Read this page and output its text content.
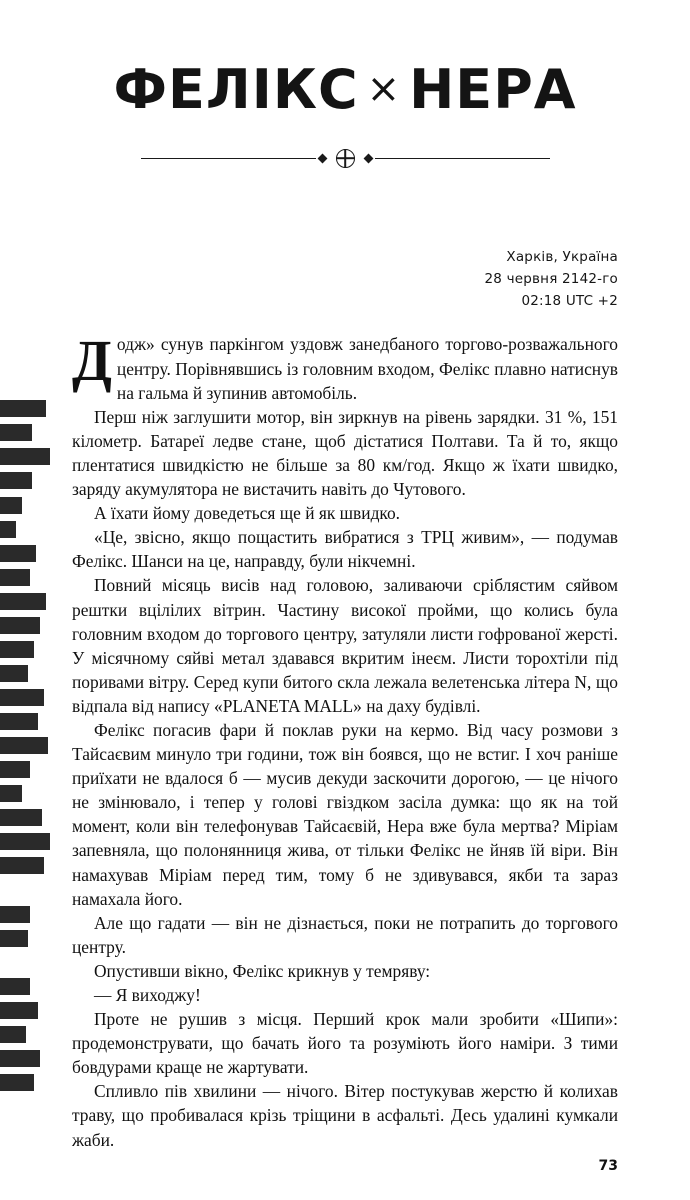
ФЕЛІКС × НЕРА
Харків, Україна
28 червня 2142-го
02:18 UTC +2

Додж» сунув паркінгом уздовж занедбаного торгово-розважального центру. Порівнявшись із головним входом, Фелікс плавно натиснув на гальма й зупинив автомобіль.

Перш ніж заглушити мотор, він зиркнув на рівень зарядки. 31 %, 151 кілометр. Батареї ледве стане, щоб дістатися Полтави. Та й то, якщо плентатися швидкістю не більше за 80 км/год. Якщо ж їхати швидко, заряду акумулятора не вистачить навіть до Чутового.

А їхати йому доведеться ще й як швидко.

«Це, звісно, якщо пощастить вибратися з ТРЦ живим», — подумав Фелікс. Шанси на це, направду, були нікчемні.

Повний місяць висів над головою, заливаючи сріблястим сяйвом рештки вцілілих вітрин. Частину високої пройми, що колись була головним входом до торгового центру, затуляли листи гофрованої жерсті. У місячному сяйві метал здавався вкритим інеєм. Листи торохтіли під поривами вітру. Серед купи битого скла лежала велетенська літера N, що відпала від напису «PLANETA MALL» на даху будівлі.

Фелікс погасив фари й поклав руки на кермо. Від часу розмови з Тайсаєвим минуло три години, тож він боявся, що не встиг. І хоч раніше приїхати не вдалося б — мусив декуди заскочити дорогою, — це нічого не змінювало, і тепер у голові гвіздком засіла думка: що як на той момент, коли він телефонував Тайсаєвій, Нера вже була мертва? Міріам запевняла, що полонянниця жива, от тільки Фелікс не йняв їй віри. Він намахував Міріам перед тим, тому б не здивувався, якби та зараз намахала його.

Але що гадати — він не дізнається, поки не потрапить до торгового центру.

Опустивши вікно, Фелікс крикнув у темряву:

— Я виходжу!

Проте не рушив з місця. Перший крок мали зробити «Шипи»: продемонструвати, що бачать його та розуміють його наміри. З тими бовдурами краще не жартувати.

Спливло пів хвилини — нічого. Вітер постукував жерстю й колихав траву, що пробивалася крізь тріщини в асфальті. Десь удалині кумкали жаби.

73
